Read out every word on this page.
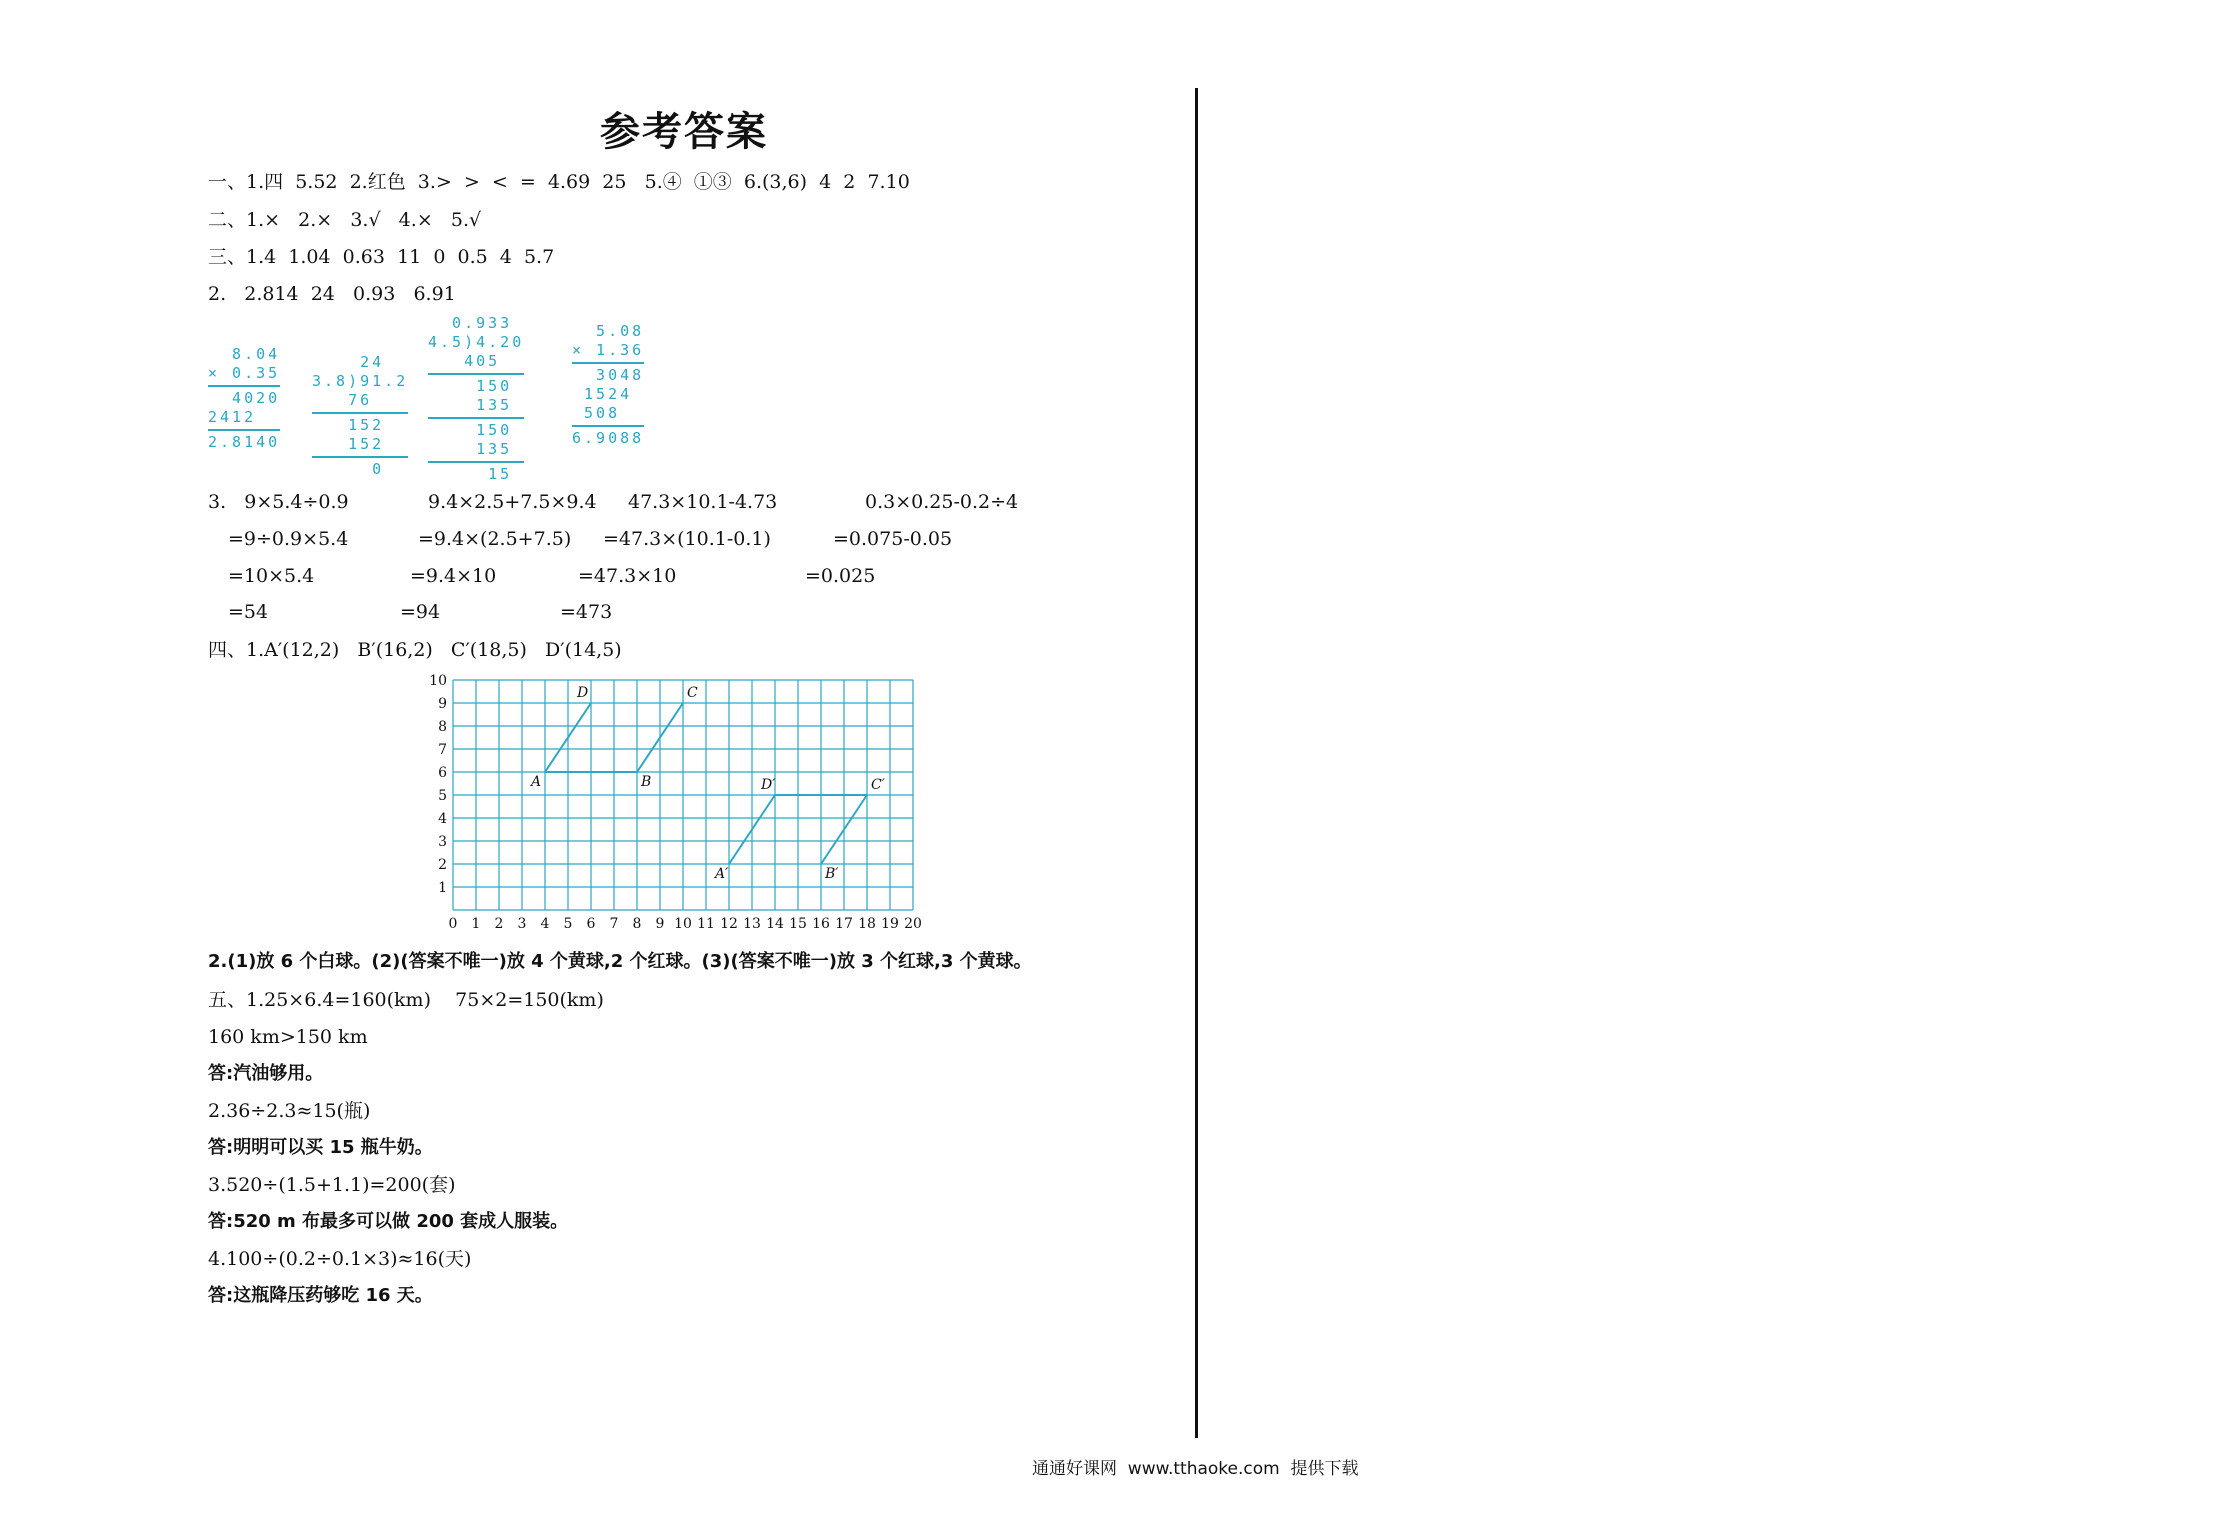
参考答案
一、1.四  5.52  2.红色  3.>  >  <  =  4.69  25   5.④  ①③  6.(3,6)  4  2  7.10
二、1.×   2.×   3.√   4.×   5.√
三、1.4  1.04  0.63  11  0  0.5  4  5.7
2.   2.814  24   0.93   6.91
8.04
× 0.35
4020
2412
2.8140
24
3.8)91.2
76
152
152
0
0.933
4.5)4.20
405
150
135
150
135
15
5.08
× 1.36
3048
1524
508
6.9088
3.   9×5.4÷0.9	9.4×2.5+7.5×9.4 47.3×10.1-4.73	0.3×0.25-0.2÷4
=9÷0.9×5.4	=9.4×(2.5+7.5) =47.3×(10.1-0.1)	=0.075-0.05
=10×5.4	=9.4×10	=47.3×10	=0.025
=54	=94	=473
四、1.A′(12,2)   B′(16,2)   C′(18,5)   D′(14,5)
0 1 2 3 4 5 6 7 8 9 10 11 12 13 14 15 16 17 18 19 20
1
2
3
4
5
6
7
8
9
10
A	B
C
D
A′	B′
C′
D′
2.(1)放 6 个白球。(2)(答案不唯一)放 4 个黄球,2 个红球。(3)(答案不唯一)放 3 个红球,3 个黄球。
五、1.25×6.4=160(km)    75×2=150(km)
160 km>150 km
答:汽油够用。
2.36÷2.3≈15(瓶)
答:明明可以买 15 瓶牛奶。
3.520÷(1.5+1.1)=200(套)
答:520 m 布最多可以做 200 套成人服装。
4.100÷(0.2÷0.1×3)≈16(天)
答:这瓶降压药够吃 16 天。
通通好课网  www.tthaoke.com  提供下载
